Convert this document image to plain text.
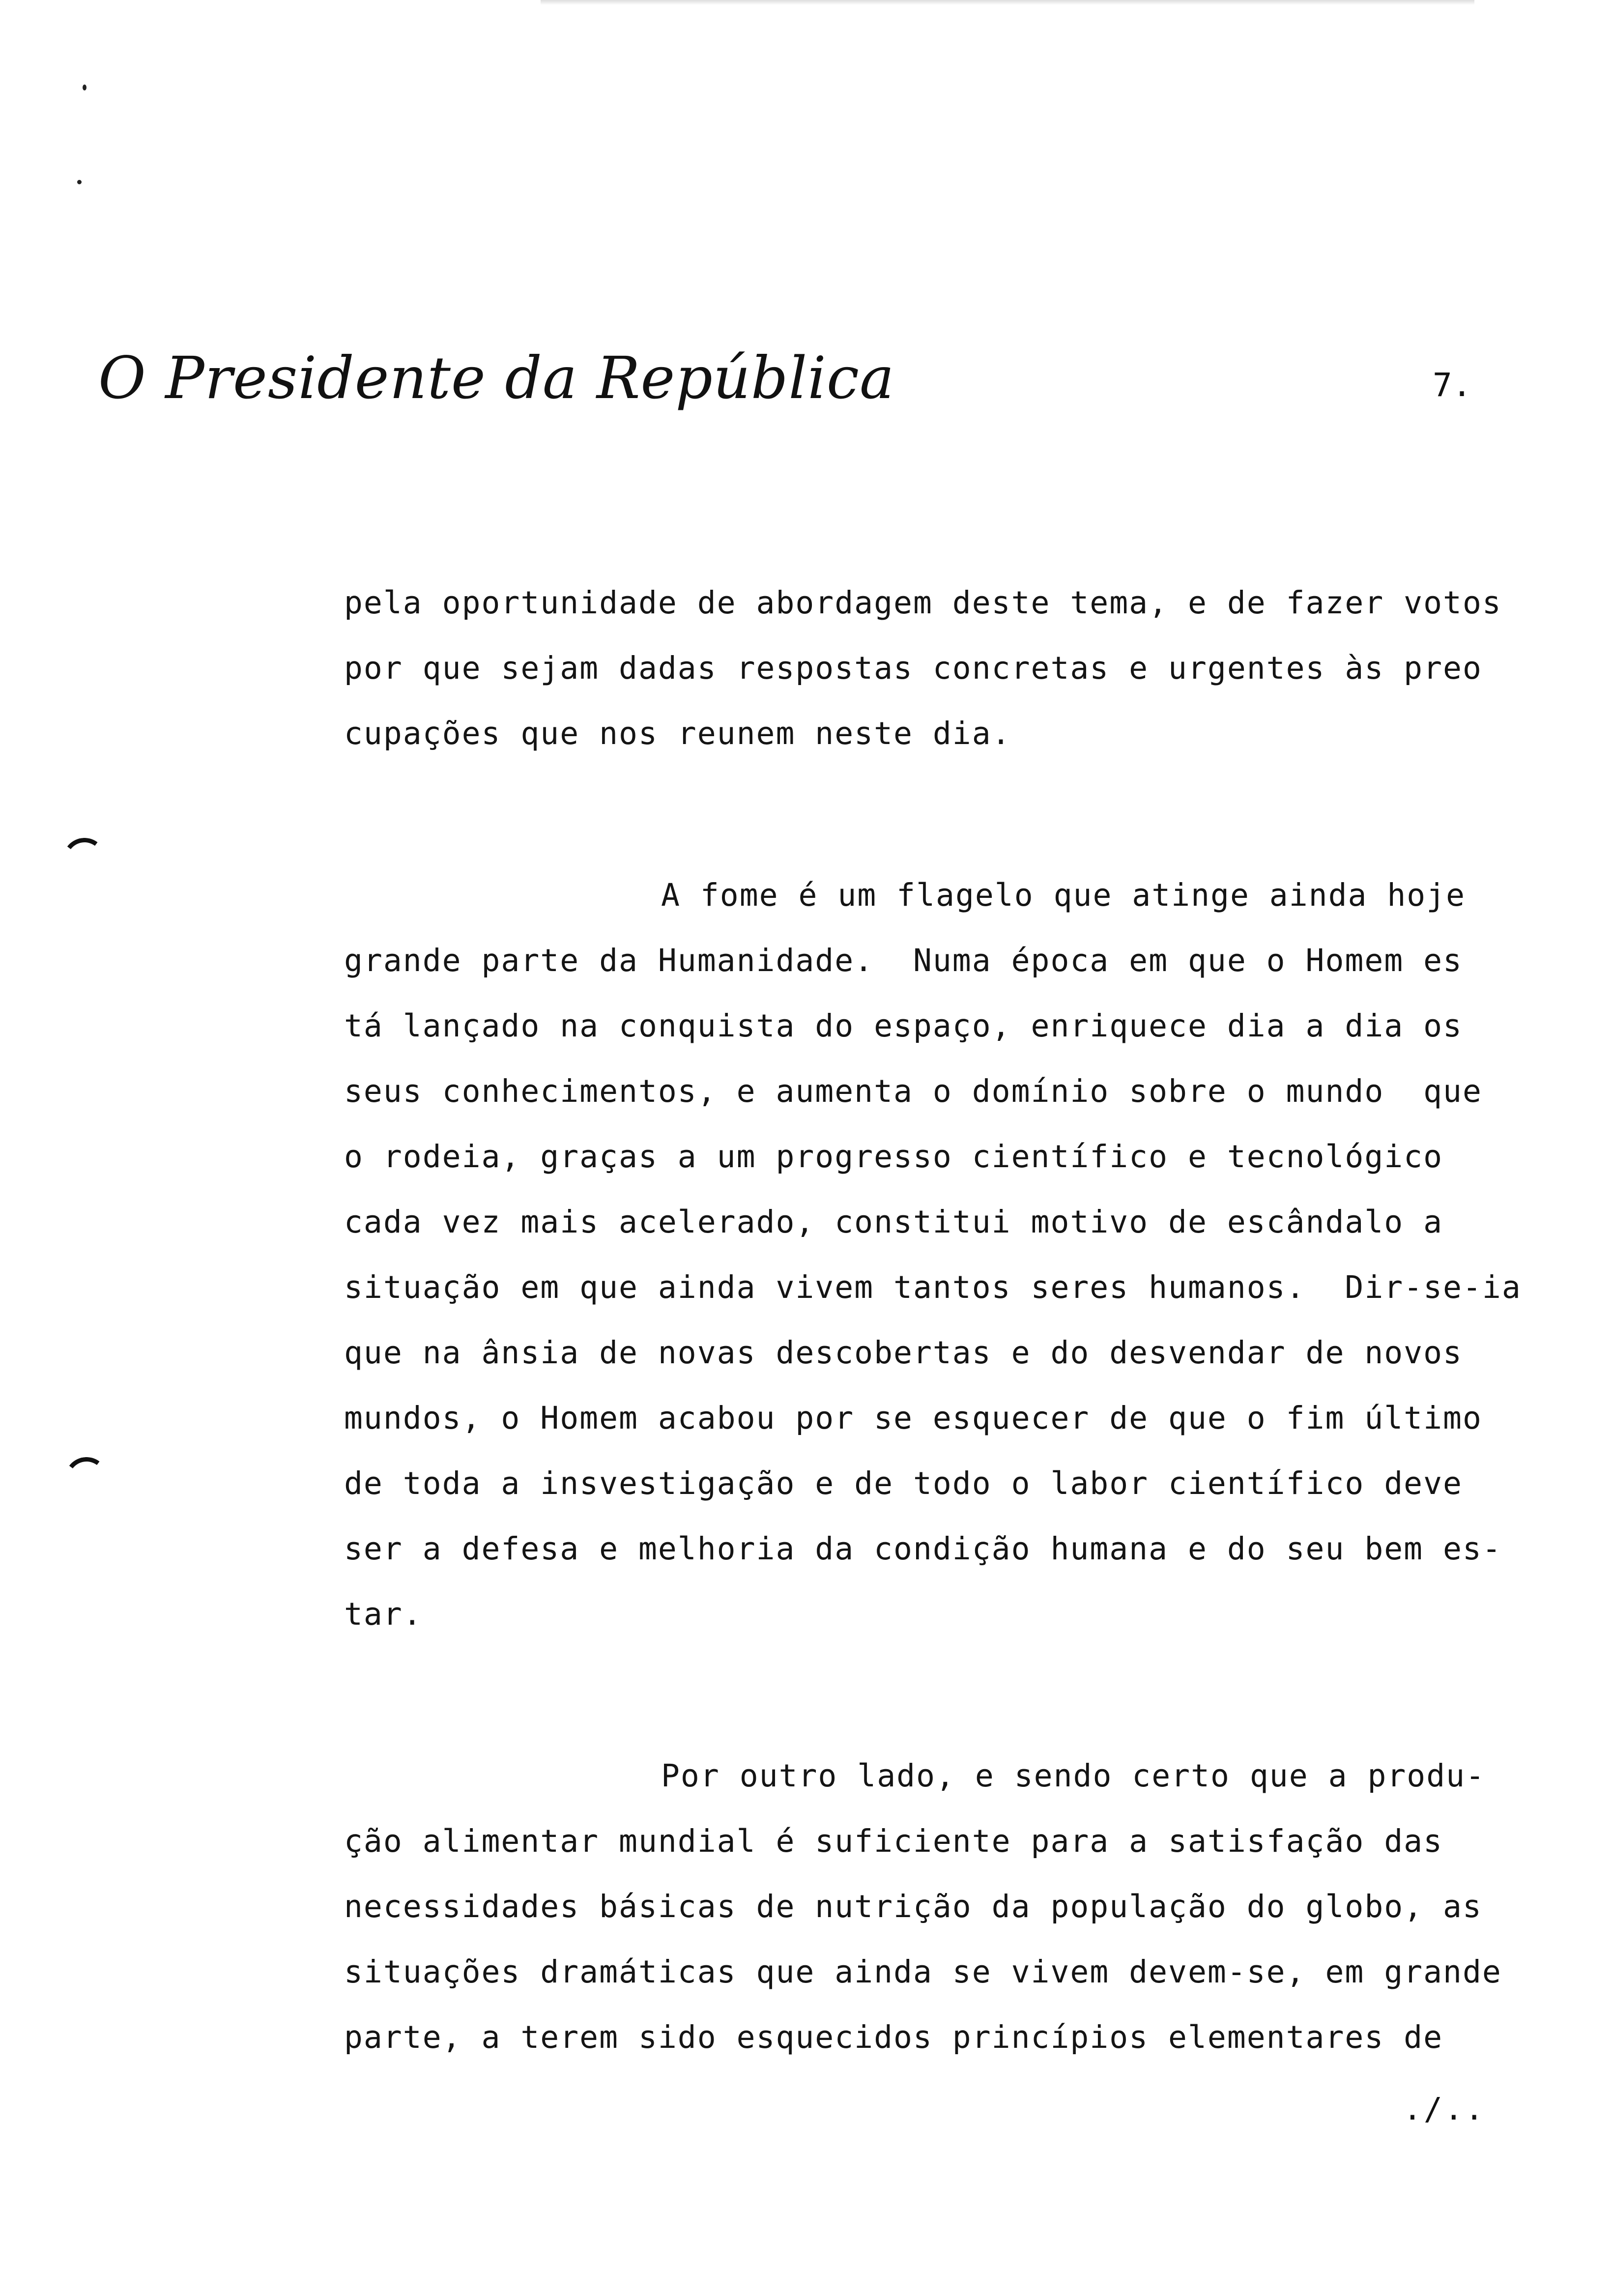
O Presidente da República	7.
pela oportunidade de abordagem deste tema, e de fazer votos
por que sejam dadas respostas concretas e urgentes às preo
cupações que nos reunem neste dia.
A fome é um flagelo que atinge ainda hoje
grande parte da Humanidade.  Numa época em que o Homem es
tá lançado na conquista do espaço, enriquece dia a dia os
seus conhecimentos, e aumenta o domínio sobre o mundo  que
o rodeia, graças a um progresso científico e tecnológico
cada vez mais acelerado, constitui motivo de escândalo a
situação em que ainda vivem tantos seres humanos.  Dir-se-ia
que na ânsia de novas descobertas e do desvendar de novos
mundos, o Homem acabou por se esquecer de que o fim último
de toda a insvestigação e de todo o labor científico deve
ser a defesa e melhoria da condição humana e do seu bem es-
tar.
Por outro lado, e sendo certo que a produ-
ção alimentar mundial é suficiente para a satisfação das
necessidades básicas de nutrição da população do globo, as
situações dramáticas que ainda se vivem devem-se, em grande
parte, a terem sido esquecidos princípios elementares de
./..
